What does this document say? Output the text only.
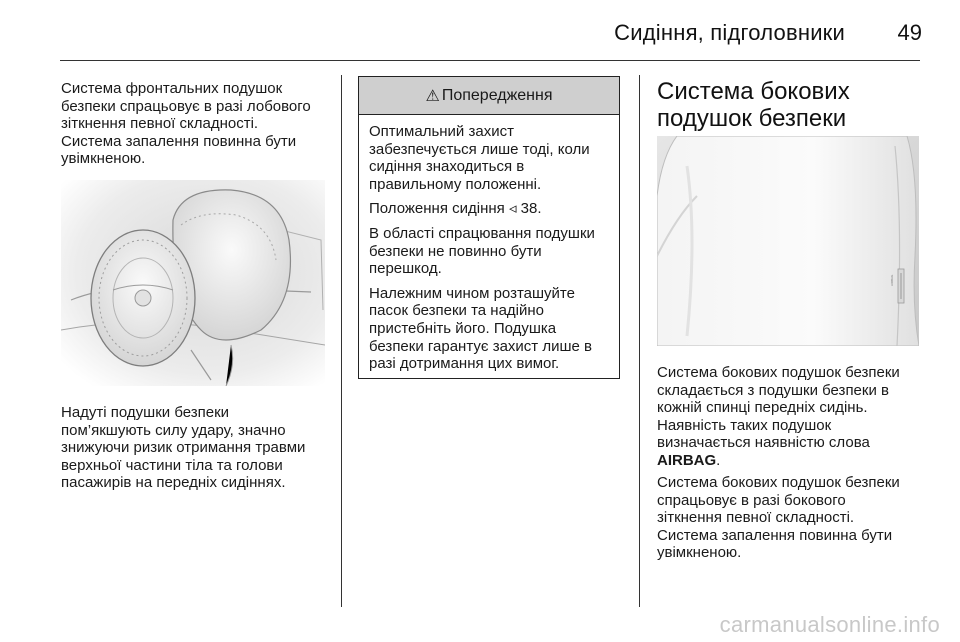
Сидіння, підголовники 49

Система фронтальних подушок
безпеки спрацьовує в разі лобового
зіткнення певної складності.
Система запалення повинна бути
увімкненою.

Надуті подушки безпеки
пом’якшують силу удару, значно
знижуючи ризик отримання травми
верхньої частини тіла та голови
пасажирів на передніх сидіннях.

⚠ Попередження

Оптимальний захист
забезпечується лише тоді, коли
сидіння знаходиться в
правильному положенні.

Положення сидіння ◃ 38.

В області спрацювання подушки
безпеки не повинно бути
перешкод.

Належним чином розташуйте
пасок безпеки та надійно
пристебніть його. Подушка
безпеки гарантує захист лише в
разі дотримання цих вимог.

Система бокових
подушок безпеки
AIRBAG

Система бокових подушок безпеки
складається з подушки безпеки в
кожній спинці передніх сидінь.
Наявність таких подушок
визначається наявністю слова
AIRBAG.

Система бокових подушок безпеки
спрацьовує в разі бокового
зіткнення певної складності.
Система запалення повинна бути
увімкненою.

carmanualsonline.info
